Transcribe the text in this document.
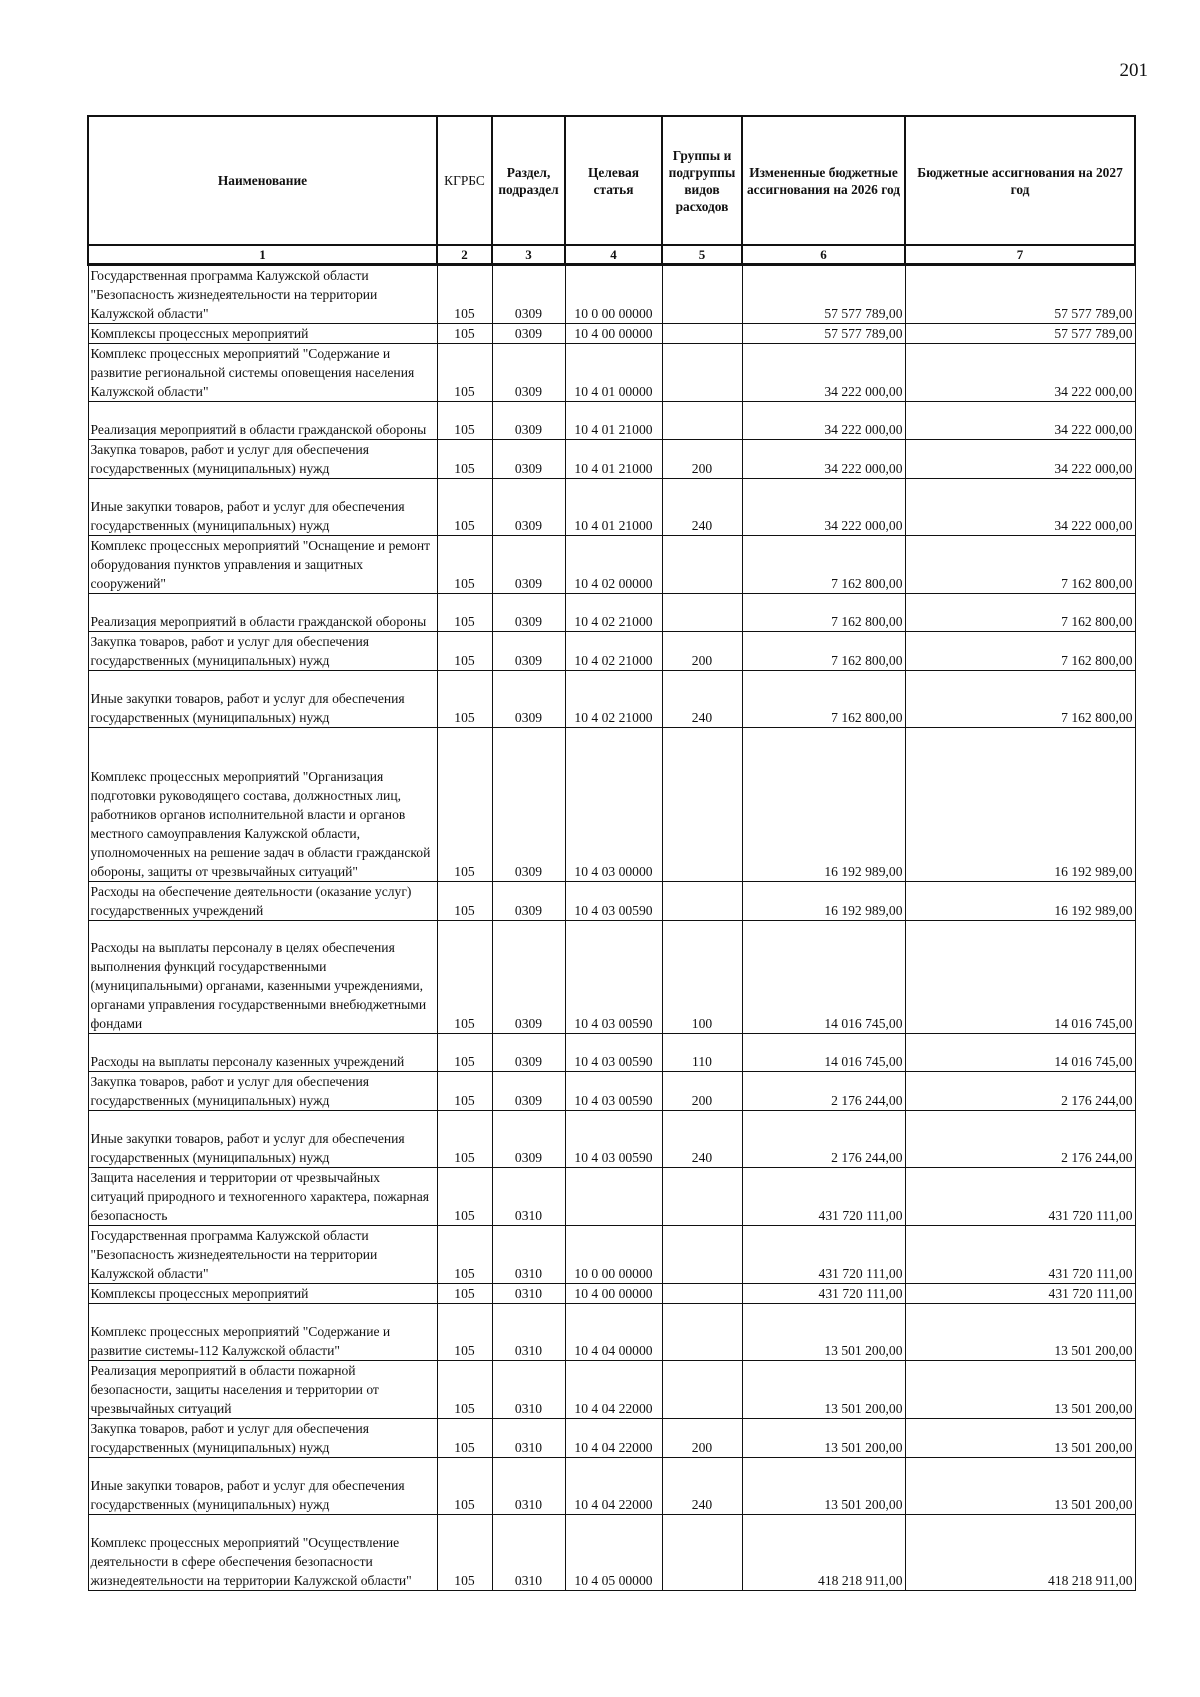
201
Наименование	КГРБС	Раздел, подраздел	Целевая статья	Группы и подгруппы видов расходов	Измененные бюджетные ассигнования на 2026 год	Бюджетные ассигнования на 2027 год
1	2	3	4	5	6	7
Государственная программа Калужской области "Безопасность жизнедеятельности на территории Калужской области"	105	0309	10 0 00 00000		57 577 789,00	57 577 789,00
Комплексы процессных мероприятий	105	0309	10 4 00 00000		57 577 789,00	57 577 789,00
Комплекс процессных мероприятий "Содержание и развитие региональной системы оповещения населения Калужской области"	105	0309	10 4 01 00000		34 222 000,00	34 222 000,00
Реализация мероприятий в области гражданской обороны	105	0309	10 4 01 21000		34 222 000,00	34 222 000,00
Закупка товаров, работ и услуг для обеспечения государственных (муниципальных) нужд	105	0309	10 4 01 21000	200	34 222 000,00	34 222 000,00
Иные закупки товаров, работ и услуг для обеспечения государственных (муниципальных) нужд	105	0309	10 4 01 21000	240	34 222 000,00	34 222 000,00
Комплекс процессных мероприятий "Оснащение и ремонт оборудования пунктов управления и защитных сооружений"	105	0309	10 4 02 00000		7 162 800,00	7 162 800,00
Реализация мероприятий в области гражданской обороны	105	0309	10 4 02 21000		7 162 800,00	7 162 800,00
Закупка товаров, работ и услуг для обеспечения государственных (муниципальных) нужд	105	0309	10 4 02 21000	200	7 162 800,00	7 162 800,00
Иные закупки товаров, работ и услуг для обеспечения государственных (муниципальных) нужд	105	0309	10 4 02 21000	240	7 162 800,00	7 162 800,00
Комплекс процессных мероприятий "Организация подготовки руководящего состава, должностных лиц, работников органов исполнительной власти и органов местного самоуправления Калужской области, уполномоченных на решение задач в области гражданской обороны, защиты от чрезвычайных ситуаций"	105	0309	10 4 03 00000		16 192 989,00	16 192 989,00
Расходы на обеспечение деятельности (оказание услуг) государственных учреждений	105	0309	10 4 03 00590		16 192 989,00	16 192 989,00
Расходы на выплаты персоналу в целях обеспечения выполнения функций государственными (муниципальными) органами, казенными учреждениями, органами управления государственными внебюджетными фондами	105	0309	10 4 03 00590	100	14 016 745,00	14 016 745,00
Расходы на выплаты персоналу казенных учреждений	105	0309	10 4 03 00590	110	14 016 745,00	14 016 745,00
Закупка товаров, работ и услуг для обеспечения государственных (муниципальных) нужд	105	0309	10 4 03 00590	200	2 176 244,00	2 176 244,00
Иные закупки товаров, работ и услуг для обеспечения государственных (муниципальных) нужд	105	0309	10 4 03 00590	240	2 176 244,00	2 176 244,00
Защита населения и территории от чрезвычайных ситуаций природного и техногенного характера, пожарная безопасность	105	0310			431 720 111,00	431 720 111,00
Государственная программа Калужской области "Безопасность жизнедеятельности на территории Калужской области"	105	0310	10 0 00 00000		431 720 111,00	431 720 111,00
Комплексы процессных мероприятий	105	0310	10 4 00 00000		431 720 111,00	431 720 111,00
Комплекс процессных мероприятий "Содержание и развитие системы-112 Калужской области"	105	0310	10 4 04 00000		13 501 200,00	13 501 200,00
Реализация мероприятий в области пожарной безопасности, защиты населения и территории от чрезвычайных ситуаций	105	0310	10 4 04 22000		13 501 200,00	13 501 200,00
Закупка товаров, работ и услуг для обеспечения государственных (муниципальных) нужд	105	0310	10 4 04 22000	200	13 501 200,00	13 501 200,00
Иные закупки товаров, работ и услуг для обеспечения государственных (муниципальных) нужд	105	0310	10 4 04 22000	240	13 501 200,00	13 501 200,00
Комплекс процессных мероприятий "Осуществление деятельности в сфере обеспечения безопасности жизнедеятельности на территории Калужской области"	105	0310	10 4 05 00000		418 218 911,00	418 218 911,00
